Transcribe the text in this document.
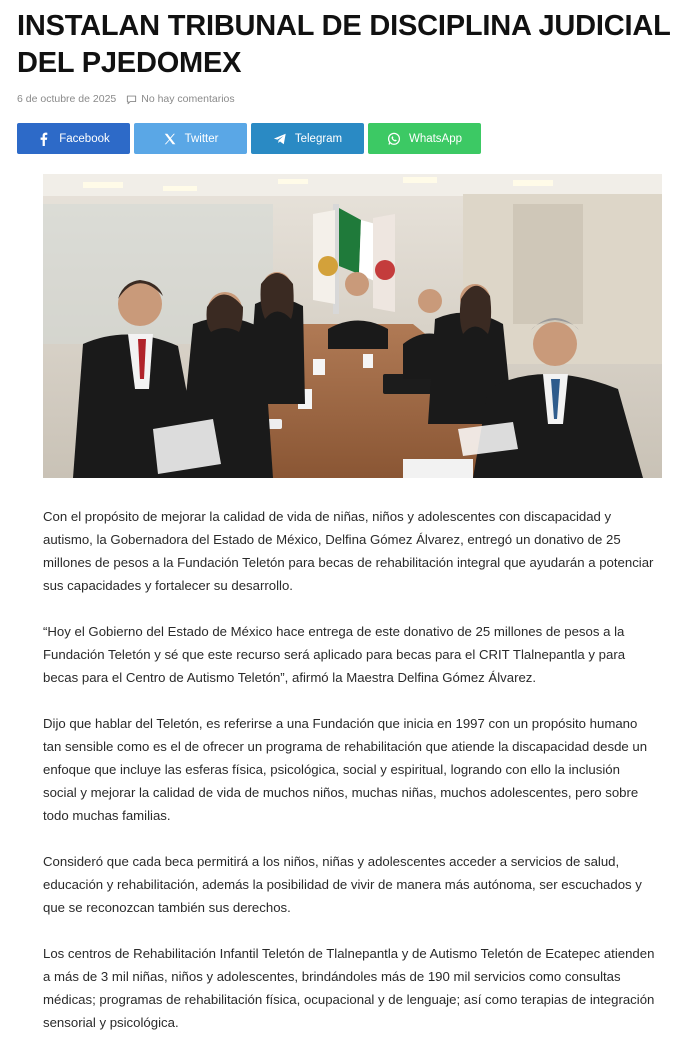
INSTALAN TRIBUNAL DE DISCIPLINA JUDICIAL DEL PJEDOMEX
6 de octubre de 2025 No hay comentarios
Facebook	Twitter	Telegram	WhatsApp

Con el propósito de mejorar la calidad de vida de niñas, niños y adolescentes con discapacidad y autismo, la Gobernadora del Estado de México, Delfina Gómez Álvarez, entregó un donativo de 25 millones de pesos a la Fundación Teletón para becas de rehabilitación integral que ayudarán a potenciar sus capacidades y fortalecer su desarrollo.

“Hoy el Gobierno del Estado de México hace entrega de este donativo de 25 millones de pesos a la Fundación Teletón y sé que este recurso será aplicado para becas para el CRIT Tlalnepantla y para becas para el Centro de Autismo Teletón”, afirmó la Maestra Delfina Gómez Álvarez.

Dijo que hablar del Teletón, es referirse a una Fundación que inicia en 1997 con un propósito humano tan sensible como es el de ofrecer un programa de rehabilitación que atiende la discapacidad desde un enfoque que incluye las esferas física, psicológica, social y espiritual, logrando con ello la inclusión social y mejorar la calidad de vida de muchos niños, muchas niñas, muchos adolescentes, pero sobre todo muchas familias.

Consideró que cada beca permitirá a los niños, niñas y adolescentes acceder a servicios de salud, educación y rehabilitación, además la posibilidad de vivir de manera más autónoma, ser escuchados y que se reconozcan también sus derechos.

Los centros de Rehabilitación Infantil Teletón de Tlalnepantla y de Autismo Teletón de Ecatepec atienden a más de 3 mil niñas, niños y adolescentes, brindándoles más de 190 mil servicios como consultas médicas; programas de rehabilitación física, ocupacional y de lenguaje; así como terapias de integración sensorial y psicológica.
